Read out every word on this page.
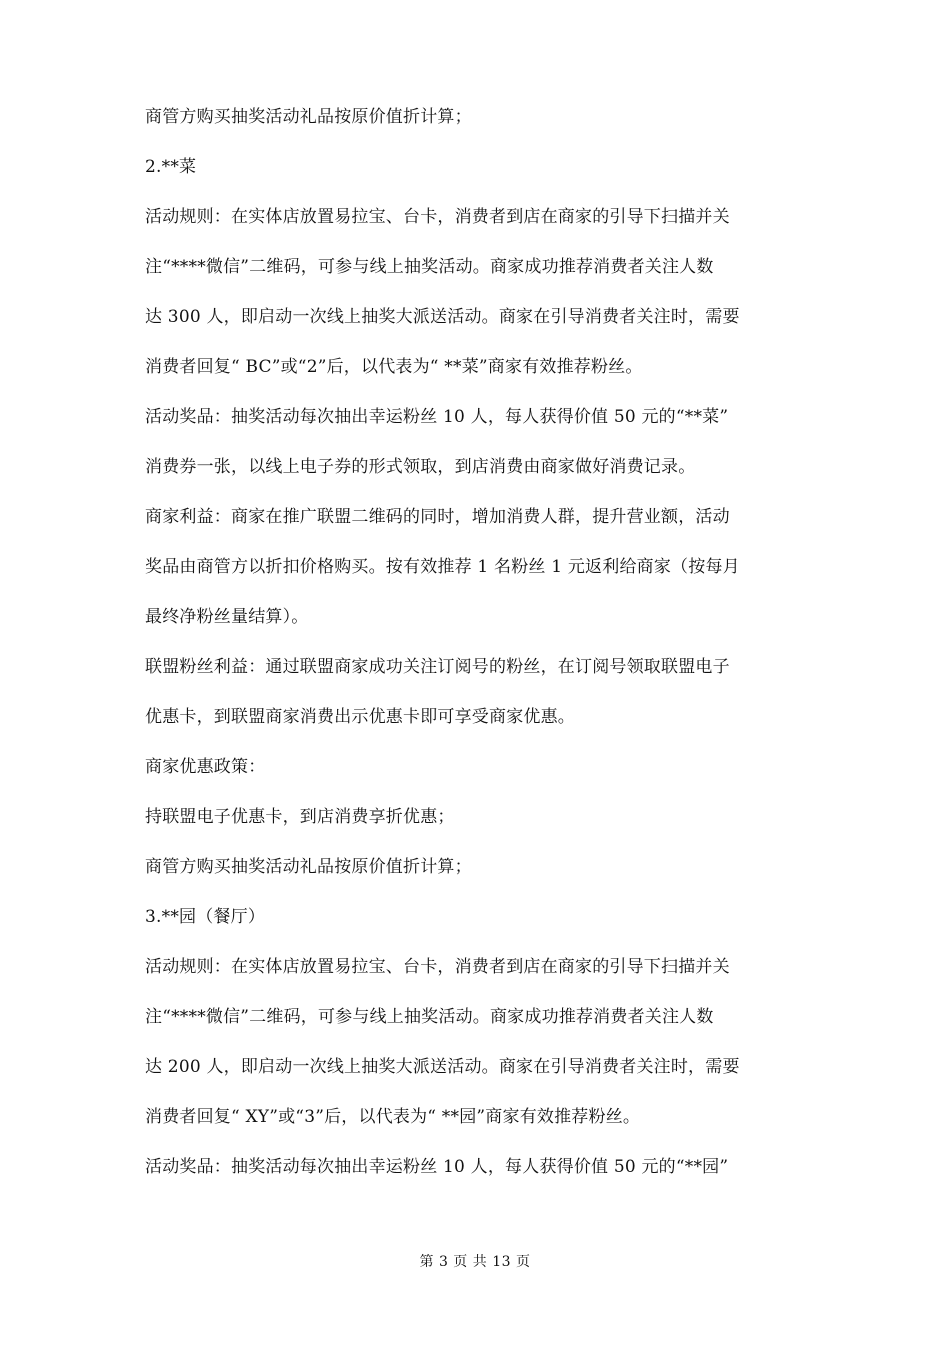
商管方购买抽奖活动礼品按原价值折计算；
2.**菜
活动规则：在实体店放置易拉宝、台卡，消费者到店在商家的引导下扫描并关
注“****微信”二维码，可参与线上抽奖活动。商家成功推荐消费者关注人数
达 300 人，即启动一次线上抽奖大派送活动。商家在引导消费者关注时，需要
消费者回复“ BC”或“2”后，以代表为“ **菜”商家有效推荐粉丝。
活动奖品：抽奖活动每次抽出幸运粉丝 10 人，每人获得价值 50 元的“**菜”
消费券一张，以线上电子券的形式领取，到店消费由商家做好消费记录。
商家利益：商家在推广联盟二维码的同时，增加消费人群，提升营业额，活动
奖品由商管方以折扣价格购买。按有效推荐 1 名粉丝 1 元返利给商家（按每月
最终净粉丝量结算）。
联盟粉丝利益：通过联盟商家成功关注订阅号的粉丝，在订阅号领取联盟电子
优惠卡，到联盟商家消费出示优惠卡即可享受商家优惠。
商家优惠政策：
持联盟电子优惠卡，到店消费享折优惠；
商管方购买抽奖活动礼品按原价值折计算；
3.**园（餐厅）
活动规则：在实体店放置易拉宝、台卡，消费者到店在商家的引导下扫描并关
注“****微信”二维码，可参与线上抽奖活动。商家成功推荐消费者关注人数
达 200 人，即启动一次线上抽奖大派送活动。商家在引导消费者关注时，需要
消费者回复“ XY”或“3”后，以代表为“ **园”商家有效推荐粉丝。
活动奖品：抽奖活动每次抽出幸运粉丝 10 人，每人获得价值 50 元的“**园”
第 3 页 共 13 页
